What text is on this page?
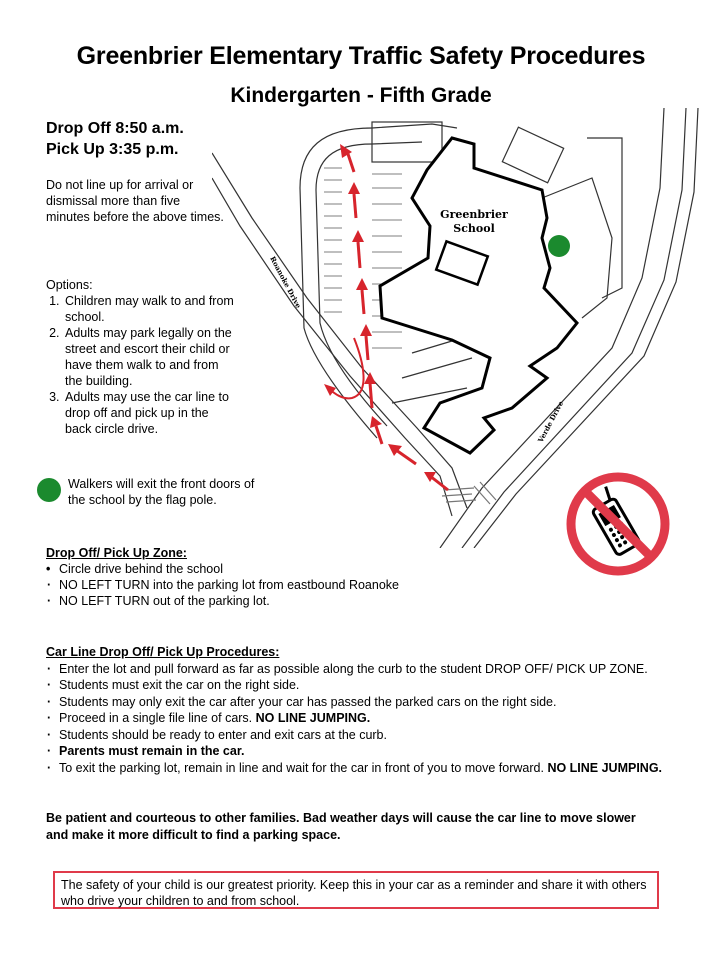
Greenbrier Elementary Traffic Safety Procedures
Kindergarten - Fifth Grade
Drop Off 8:50 a.m.
Pick Up 3:35 p.m.
Do not line up for arrival or dismissal more than five minutes before the above times.
Options:
1. Children may walk to and from school.
2. Adults may park legally on the street and escort their child or have them walk to and from the building.
3. Adults may use the car line to drop off and pick up in the back circle drive.
Walkers will exit the front doors of the school by the flag pole.
Greenbrier
School
Roanoke Drive
Verde Drive
Drop Off/ Pick Up Zone:
• Circle drive behind the school
· NO LEFT TURN into the parking lot from eastbound Roanoke
· NO LEFT TURN out of the parking lot.
Car Line Drop Off/ Pick Up Procedures:
· Enter the lot and pull forward as far as possible along the curb to the student DROP OFF/ PICK UP ZONE.
· Students must exit the car on the right side.
· Students may only exit the car after your car has passed the parked cars on the right side.
· Proceed in a single file line of cars. NO LINE JUMPING.
· Students should be ready to enter and exit cars at the curb.
· Parents must remain in the car.
· To exit the parking lot, remain in line and wait for the car in front of you to move forward. NO LINE JUMPING.
Be patient and courteous to other families. Bad weather days will cause the car line to move slower and make it more difficult to find a parking space.
The safety of your child is our greatest priority. Keep this in your car as a reminder and share it with others who drive your children to and from school.
